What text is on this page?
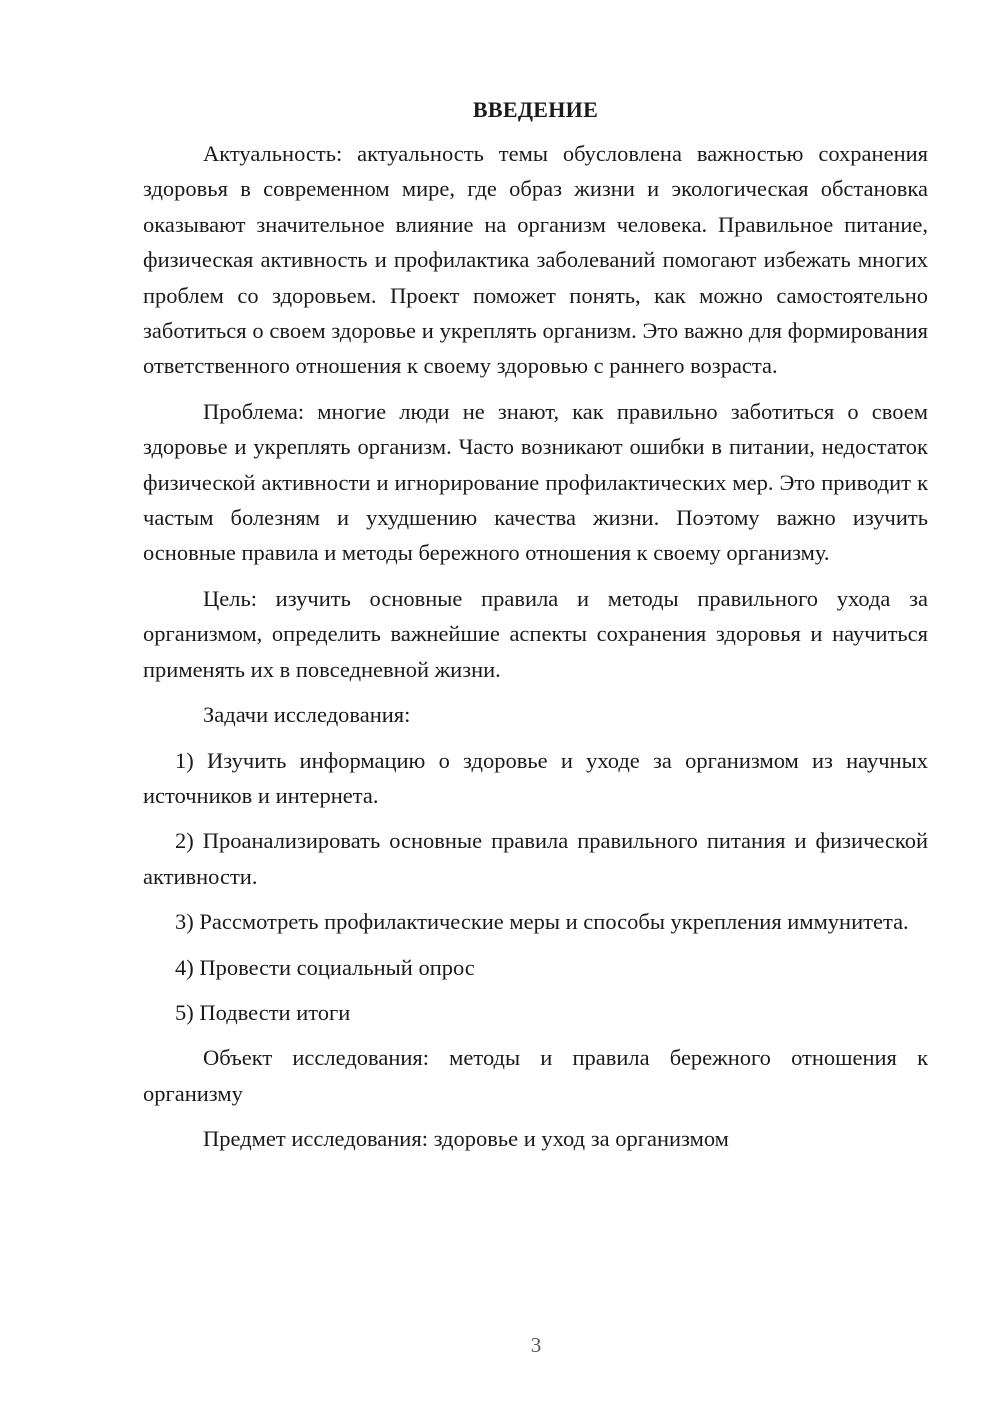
ВВЕДЕНИЕ

Актуальность: актуальность темы обусловлена важностью сохранения здоровья в современном мире, где образ жизни и экологическая обстановка оказывают значительное влияние на организм человека. Правильное питание, физическая активность и профилактика заболеваний помогают избежать многих проблем со здоровьем. Проект поможет понять, как можно самостоятельно заботиться о своем здоровье и укреплять организм. Это важно для формирования ответственного отношения к своему здоровью с раннего возраста.

Проблема: многие люди не знают, как правильно заботиться о своем здоровье и укреплять организм. Часто возникают ошибки в питании, недостаток физической активности и игнорирование профилактических мер. Это приводит к частым болезням и ухудшению качества жизни. Поэтому важно изучить основные правила и методы бережного отношения к своему организму.

Цель: изучить основные правила и методы правильного ухода за организмом, определить важнейшие аспекты сохранения здоровья и научиться применять их в повседневной жизни.

Задачи исследования:

1) Изучить информацию о здоровье и уходе за организмом из научных источников и интернета.

2) Проанализировать основные правила правильного питания и физической активности.

3) Рассмотреть профилактические меры и способы укрепления иммунитета.

4) Провести социальный опрос

5) Подвести итоги

Объект исследования: методы и правила бережного отношения к организму

Предмет исследования: здоровье и уход за организмом

3
